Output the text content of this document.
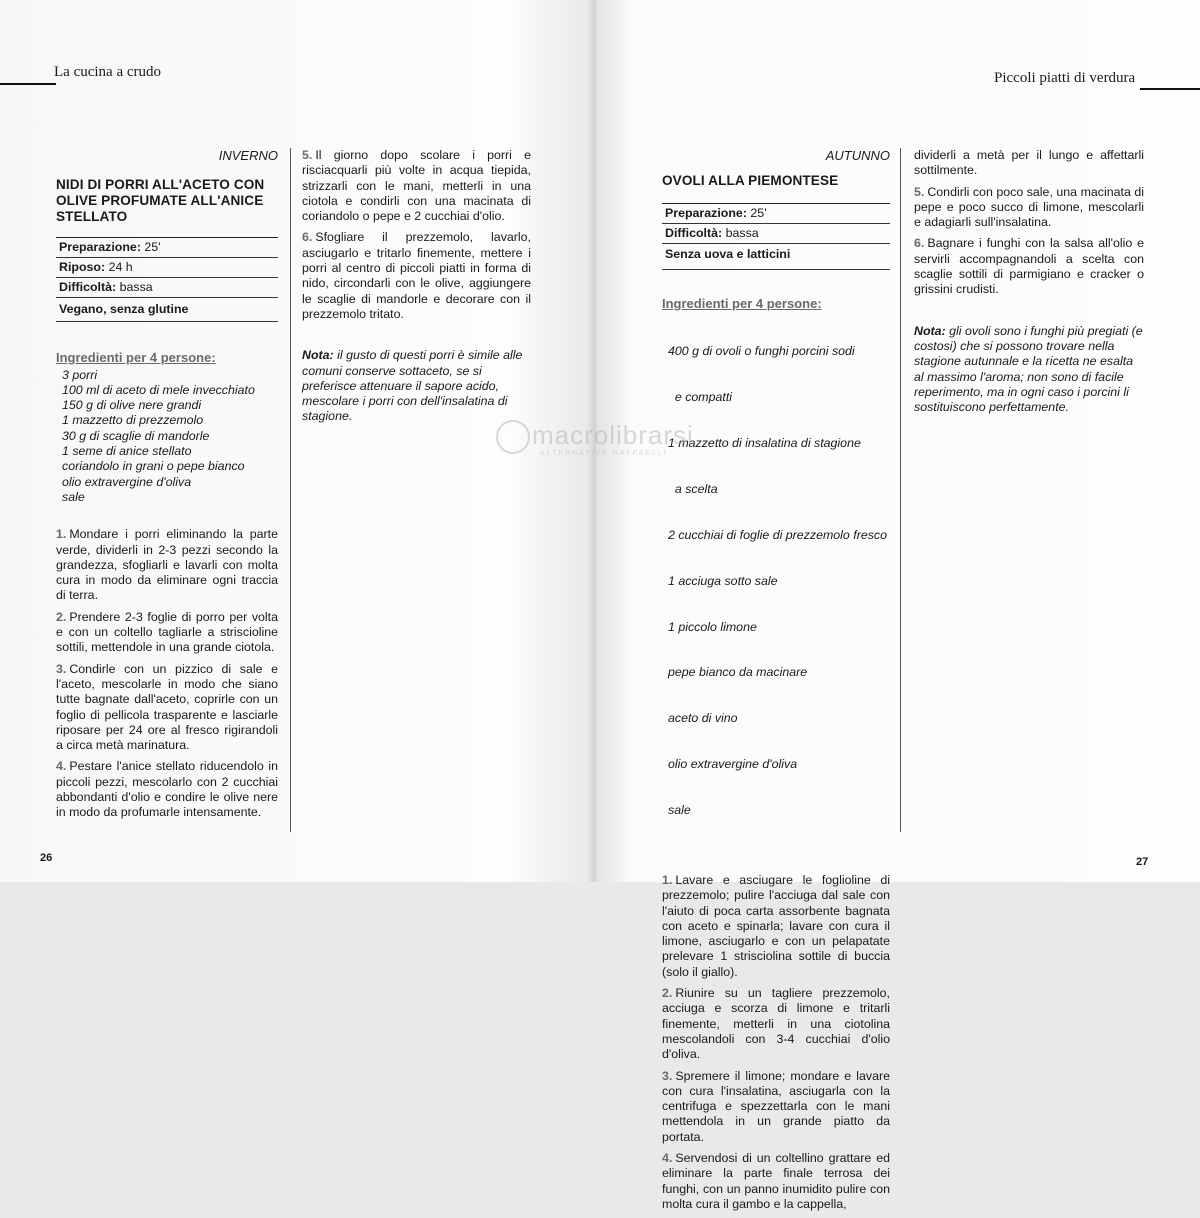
La cucina a crudo
INVERNO
NIDI DI PORRI ALL'ACETO CON OLIVE PROFUMATE ALL'ANICE STELLATO
Preparazione: 25'
Riposo: 24 h
Difficoltà: bassa
Vegano, senza glutine
Ingredienti per 4 persone:
3 porri
100 ml di aceto di mele invecchiato
150 g di olive nere grandi
1 mazzetto di prezzemolo
30 g di scaglie di mandorle
1 seme di anice stellato
coriandolo in grani o pepe bianco
olio extravergine d'oliva
sale

1. Mondare i porri eliminando la parte verde, dividerli in 2-3 pezzi secondo la grandezza, sfogliarli e lavarli con molta cura in modo da eliminare ogni traccia di terra.

2. Prendere 2-3 foglie di porro per volta e con un coltello tagliarle a striscioline sottili, mettendole in una grande ciotola.

3. Condirle con un pizzico di sale e l'aceto, mescolarle in modo che siano tutte bagnate dall'aceto, coprirle con un foglio di pellicola trasparente e lasciarle riposare per 24 ore al fresco rigirandoli a circa metà marinatura.

4. Pestare l'anice stellato riducendolo in piccoli pezzi, mescolarlo con 2 cucchiai abbondanti d'olio e condire le olive nere in modo da profumarle intensamente.

5. Il giorno dopo scolare i porri e risciacquarli più volte in acqua tiepida, strizzarli con le mani, metterli in una ciotola e condirli con una macinata di coriandolo o pepe e 2 cucchiai d'olio.

6. Sfogliare il prezzemolo, lavarlo, asciugarlo e tritarlo finemente, mettere i porri al centro di piccoli piatti in forma di nido, circondarli con le olive, aggiungere le scaglie di mandorle e decorare con il prezzemolo tritato.

Nota: il gusto di questi porri è simile alle comuni conserve sottaceto, se si preferisce attenuare il sapore acido, mescolare i porri con dell'insalatina di stagione.

26
Piccoli piatti di verdura
AUTUNNO
OVOLI ALLA PIEMONTESE
Preparazione: 25'
Difficoltà: bassa
Senza uova e latticini
Ingredienti per 4 persone:

400 g di ovoli o funghi porcini sodi

e compatti

1 mazzetto di insalatina di stagione

a scelta

2 cucchiai di foglie di prezzemolo fresco

1 acciuga sotto sale

1 piccolo limone

pepe bianco da macinare

aceto di vino

olio extravergine d'oliva

sale

1. Lavare e asciugare le foglioline di prezzemolo; pulire l'acciuga dal sale con l'aiuto di poca carta assorbente bagnata con aceto e spinarla; lavare con cura il limone, asciugarlo e con un pelapatate prelevare 1 strisciolina sottile di buccia (solo il giallo).

2. Riunire su un tagliere prezzemolo, acciuga e scorza di limone e tritarli finemente, metterli in una ciotolina mescolandoli con 3-4 cucchiai d'olio d'oliva.

3. Spremere il limone; mondare e lavare con cura l'insalatina, asciugarla con la centrifuga e spezzettarla con le mani mettendola in un grande piatto da portata.

4. Servendosi di un coltellino grattare ed eliminare la parte finale terrosa dei funghi, con un panno inumidito pulire con molta cura il gambo e la cappella,

dividerli a metà per il lungo e affettarli sottilmente.

5. Condirli con poco sale, una macinata di pepe e poco succo di limone, mescolarli e adagiarli sull'insalatina.

6. Bagnare i funghi con la salsa all'olio e servirli accompagnandoli a scelta con scaglie sottili di parmigiano e cracker o grissini crudisti.

Nota: gli ovoli sono i funghi più pregiati (e costosi) che si possono trovare nella stagione autunnale e la ricetta ne esalta al massimo l'aroma; non sono di facile reperimento, ma in ogni caso i porcini li sostituiscono perfettamente.

27
macrolibrarsi
ALTERNATIVE RAFFAELLI
